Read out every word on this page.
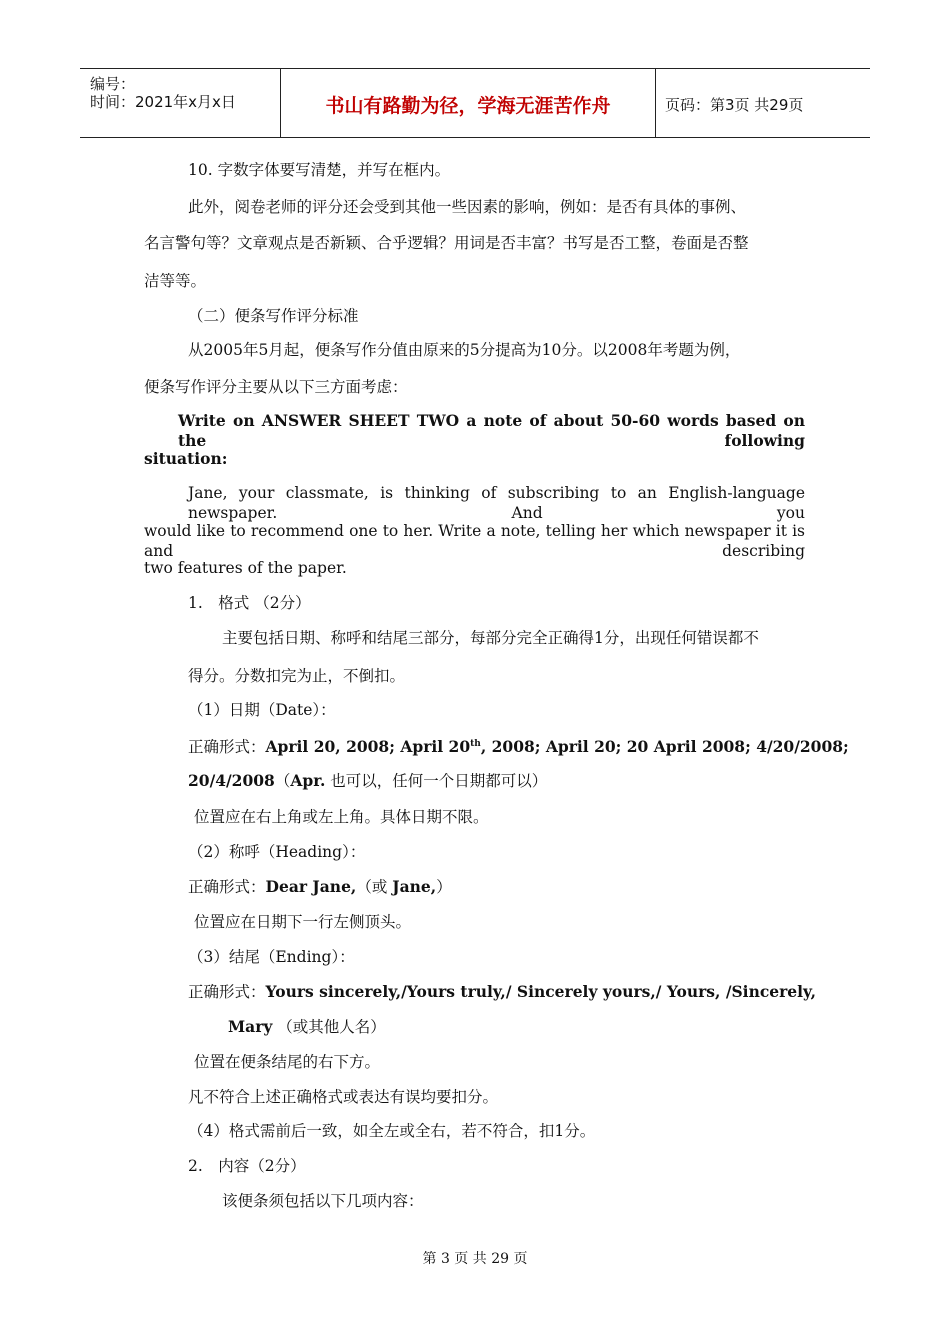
编号：
时间：2021年x月x日	书山有路勤为径，学海无涯苦作舟	页码：第3页 共29页
10. 字数字体要写清楚，并写在框内。
此外，阅卷老师的评分还会受到其他一些因素的影响，例如：是否有具体的事例、
名言警句等？文章观点是否新颖、合乎逻辑？用词是否丰富？书写是否工整，卷面是否整
洁等等。
（二）便条写作评分标准
从2005年5月起，便条写作分值由原来的5分提高为10分。以2008年考题为例，
便条写作评分主要从以下三方面考虑：
Write on ANSWER SHEET TWO a note of about 50-60 words based on the following
situation:
Jane, your classmate, is thinking of subscribing to an English-language newspaper. And you
would like to recommend one to her. Write a note, telling her which newspaper it is and describing
two features of the paper.
1.　格式 （2分）
主要包括日期、称呼和结尾三部分，每部分完全正确得1分，出现任何错误都不
得分。分数扣完为止，不倒扣。
（1）日期（Date）：
正确形式：April 20, 2008; April 20th, 2008; April 20; 20 April 2008; 4/20/2008;
20/4/2008（Apr. 也可以，任何一个日期都可以）
位置应在右上角或左上角。具体日期不限。
（2）称呼（Heading）：
正确形式：Dear Jane,（或 Jane,）
位置应在日期下一行左侧顶头。
（3）结尾（Ending）：
正确形式：Yours sincerely,/Yours truly,/ Sincerely yours,/ Yours, /Sincerely,
Mary （或其他人名）
位置在便条结尾的右下方。
凡不符合上述正确格式或表达有误均要扣分。
（4）格式需前后一致，如全左或全右，若不符合，扣1分。
2.　内容（2分）
该便条须包括以下几项内容：
第 3 页 共 29 页
